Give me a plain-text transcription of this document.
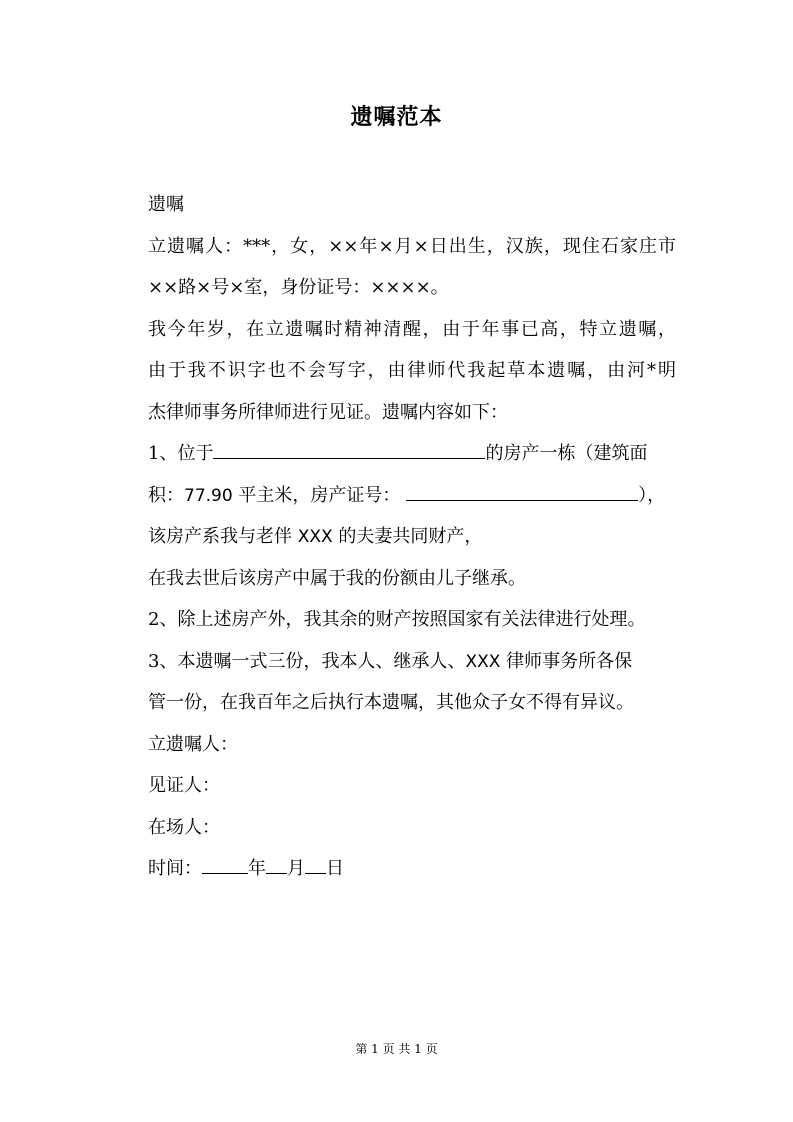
遗嘱范本
遗嘱
立遗嘱人：***，女，××年×月×日出生，汉族，现住石家庄市
××路×号×室，身份证号：××××。
我今年岁，在立遗嘱时精神清醒，由于年事已高，特立遗嘱，
由于我不识字也不会写字，由律师代我起草本遗嘱，由河*明
杰律师事务所律师进行见证。遗嘱内容如下：
1、位于	的房产一栋（建筑面
积：77.90 平主米，房产证号：	），
该房产系我与老伴 XXX 的夫妻共同财产，
在我去世后该房产中属于我的份额由儿子继承。
2、除上述房产外，我其余的财产按照国家有关法律进行处理。
3、本遗嘱一式三份，我本人、继承人、XXX 律师事务所各保
管一份，在我百年之后执行本遗嘱，其他众子女不得有异议。
立遗嘱人：
见证人：
在场人：
时间：	年 月 日
第 1 页 共 1 页
